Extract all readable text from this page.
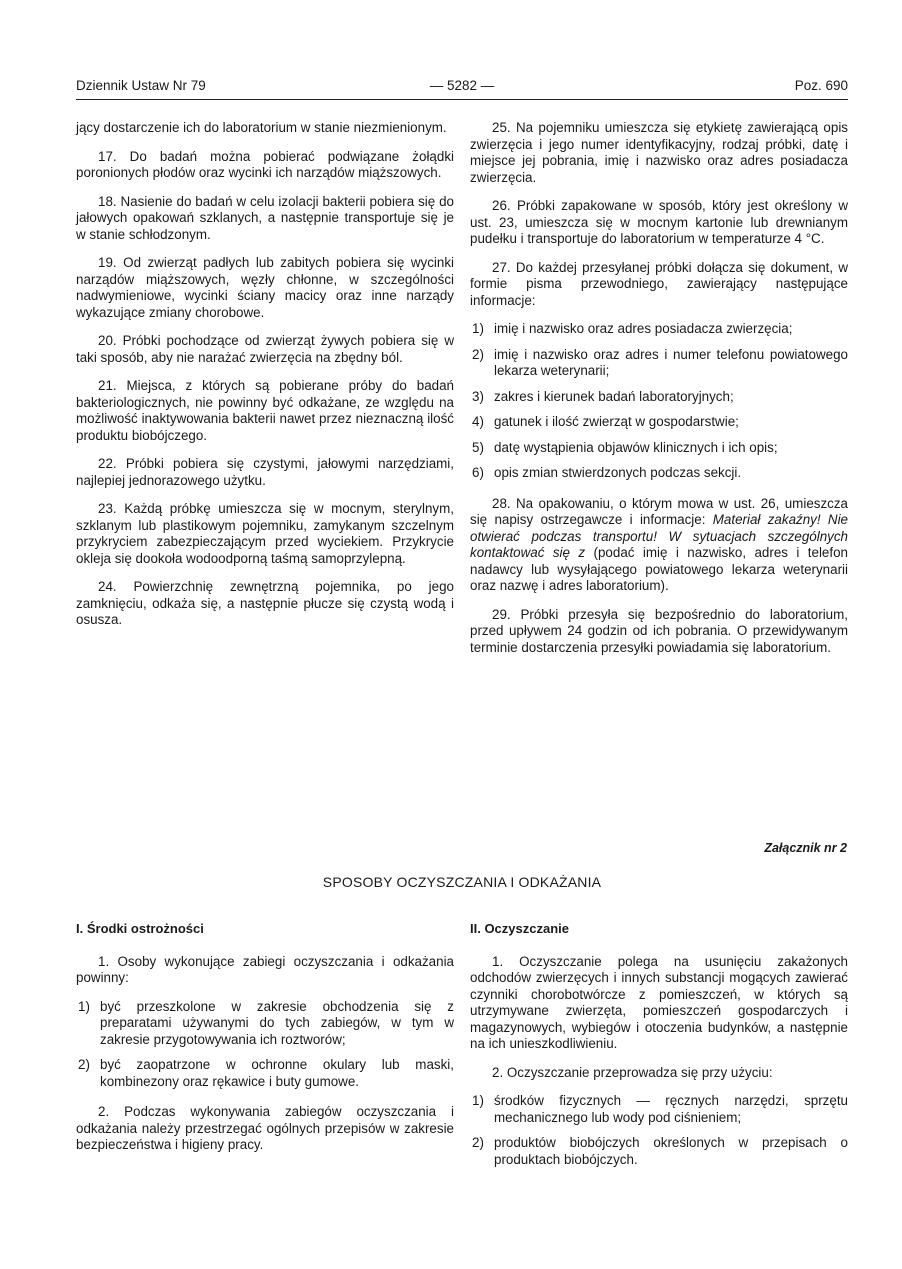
Dziennik Ustaw Nr 79	— 5282 —	Poz. 690

jący dostarczenie ich do laboratorium w stanie niezmienionym.

17. Do badań można pobierać podwiązane żołądki poronionych płodów oraz wycinki ich narządów miąższowych.

18. Nasienie do badań w celu izolacji bakterii pobiera się do jałowych opakowań szklanych, a następnie transportuje się je w stanie schłodzonym.

19. Od zwierząt padłych lub zabitych pobiera się wycinki narządów miąższowych, węzły chłonne, w szczególności nadwymieniowe, wycinki ściany macicy oraz inne narządy wykazujące zmiany chorobowe.

20. Próbki pochodzące od zwierząt żywych pobiera się w taki sposób, aby nie narażać zwierzęcia na zbędny ból.

21. Miejsca, z których są pobierane próby do badań bakteriologicznych, nie powinny być odkażane, ze względu na możliwość inaktywowania bakterii nawet przez nieznaczną ilość produktu biobójczego.

22. Próbki pobiera się czystymi, jałowymi narzędziami, najlepiej jednorazowego użytku.

23. Każdą próbkę umieszcza się w mocnym, sterylnym, szklanym lub plastikowym pojemniku, zamykanym szczelnym przykryciem zabezpieczającym przed wyciekiem. Przykrycie okleja się dookoła wodoodporną taśmą samoprzylepną.

24. Powierzchnię zewnętrzną pojemnika, po jego zamknięciu, odkaża się, a następnie płucze się czystą wodą i osusza.

25. Na pojemniku umieszcza się etykietę zawierającą opis zwierzęcia i jego numer identyfikacyjny, rodzaj próbki, datę i miejsce jej pobrania, imię i nazwisko oraz adres posiadacza zwierzęcia.

26. Próbki zapakowane w sposób, który jest określony w ust. 23, umieszcza się w mocnym kartonie lub drewnianym pudełku i transportuje do laboratorium w temperaturze 4 °C.

27. Do każdej przesyłanej próbki dołącza się dokument, w formie pisma przewodniego, zawierający następujące informacje:

1) imię i nazwisko oraz adres posiadacza zwierzęcia;
2) imię i nazwisko oraz adres i numer telefonu powiatowego lekarza weterynarii;
3) zakres i kierunek badań laboratoryjnych;
4) gatunek i ilość zwierząt w gospodarstwie;
5) datę wystąpienia objawów klinicznych i ich opis;
6) opis zmian stwierdzonych podczas sekcji.

28. Na opakowaniu, o którym mowa w ust. 26, umieszcza się napisy ostrzegawcze i informacje: Materiał zakaźny! Nie otwierać podczas transportu! W sytuacjach szczególnych kontaktować się z (podać imię i nazwisko, adres i telefon nadawcy lub wysyłającego powiatowego lekarza weterynarii oraz nazwę i adres laboratorium).

29. Próbki przesyła się bezpośrednio do laboratorium, przed upływem 24 godzin od ich pobrania. O przewidywanym terminie dostarczenia przesyłki powiadamia się laboratorium.

Załącznik nr 2
SPOSOBY OCZYSZCZANIA I ODKAŻANIA
I. Środki ostrożności

1. Osoby wykonujące zabiegi oczyszczania i odkażania powinny:

1) być przeszkolone w zakresie obchodzenia się z preparatami używanymi do tych zabiegów, w tym w zakresie przygotowywania ich roztworów;
2) być zaopatrzone w ochronne okulary lub maski, kombinezony oraz rękawice i buty gumowe.

2. Podczas wykonywania zabiegów oczyszczania i odkażania należy przestrzegać ogólnych przepisów w zakresie bezpieczeństwa i higieny pracy.

II. Oczyszczanie

1. Oczyszczanie polega na usunięciu zakażonych odchodów zwierzęcych i innych substancji mogących zawierać czynniki chorobotwórcze z pomieszczeń, w których są utrzymywane zwierzęta, pomieszczeń gospodarczych i magazynowych, wybiegów i otoczenia budynków, a następnie na ich unieszkodliwieniu.

2. Oczyszczanie przeprowadza się przy użyciu:

1) środków fizycznych — ręcznych narzędzi, sprzętu mechanicznego lub wody pod ciśnieniem;
2) produktów biobójczych określonych w przepisach o produktach biobójczych.
